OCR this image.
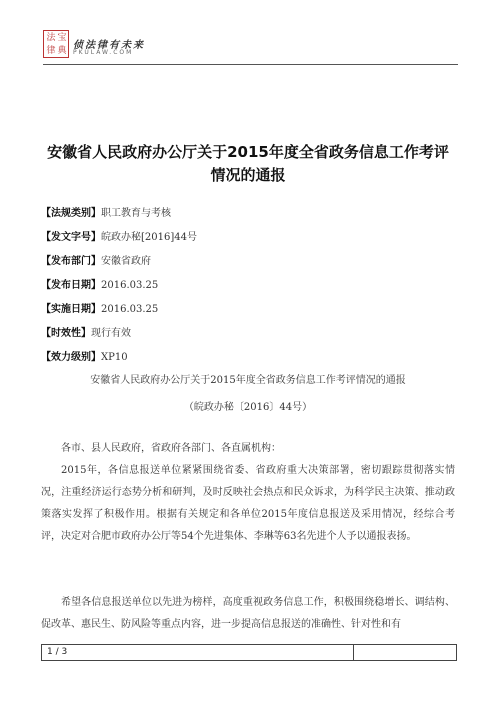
法 宝
律 典 侦法律有未来
PKULAW.COM
安徽省人民政府办公厅关于2015年度全省政务信息工作考评情况的通报
【法规类别】职工教育与考核
【发文字号】皖政办秘[2016]44号
【发布部门】安徽省政府
【发布日期】2016.03.25
【实施日期】2016.03.25
【时效性】现行有效
【效力级别】XP10
安徽省人民政府办公厅关于2015年度全省政务信息工作考评情况的通报
（皖政办秘〔2016〕44号）
各市、县人民政府，省政府各部门、各直属机构：
2015年，各信息报送单位紧紧围绕省委、省政府重大决策部署，密切跟踪贯彻落实情况，注重经济运行态势分析和研判，及时反映社会热点和民众诉求，为科学民主决策、推动政策落实发挥了积极作用。根据有关规定和各单位2015年度信息报送及采用情况，经综合考评，决定对合肥市政府办公厅等54个先进集体、李琳等63名先进个人予以通报表扬。
希望各信息报送单位以先进为榜样，高度重视政务信息工作，积极围绕稳增长、调结构、促改革、惠民生、防风险等重点内容，进一步提高信息报送的准确性、针对性和有
1 / 3
